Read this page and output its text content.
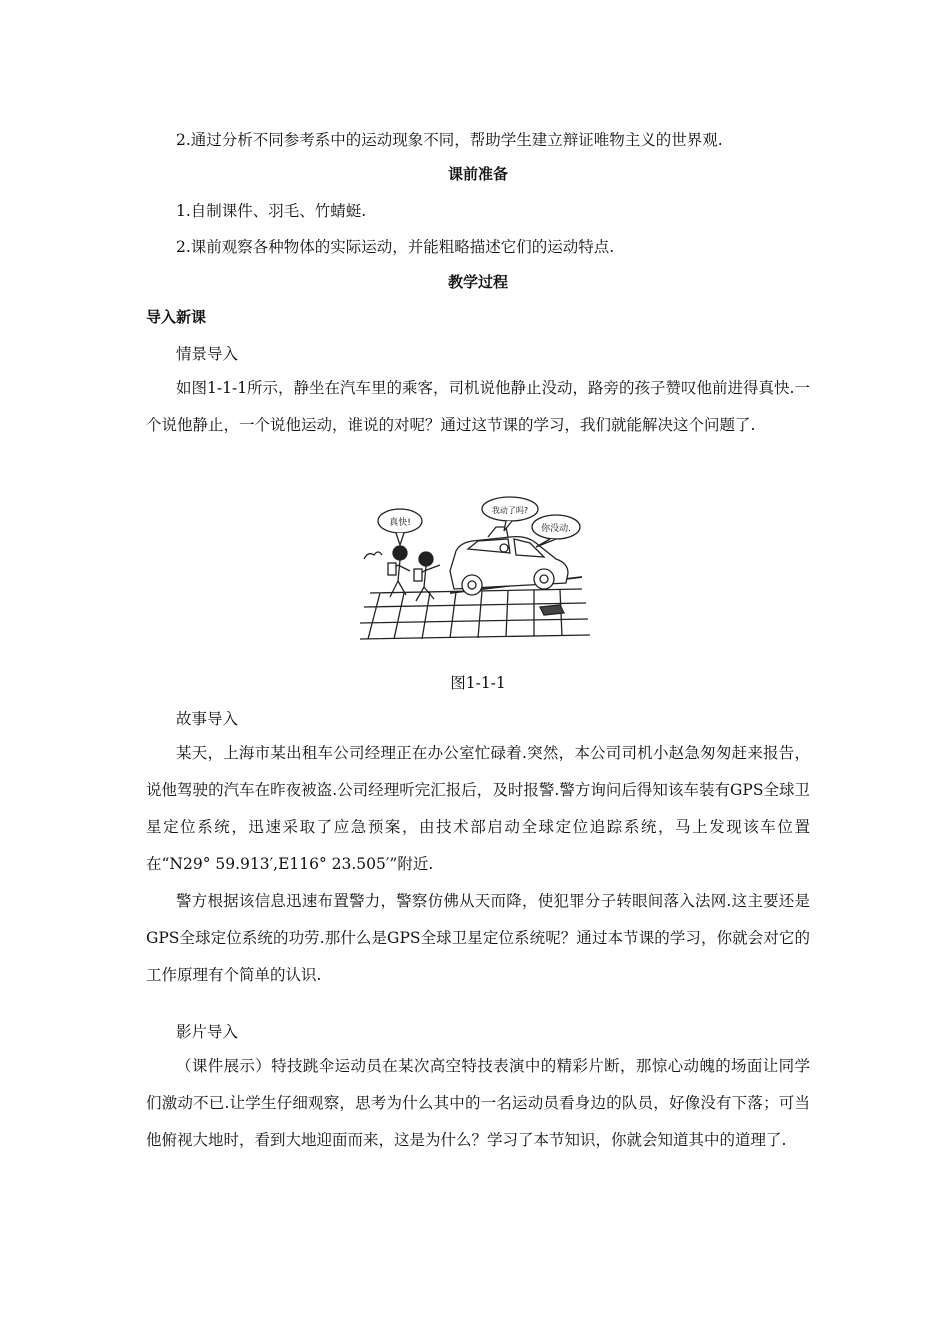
2.通过分析不同参考系中的运动现象不同，帮助学生建立辩证唯物主义的世界观.
课前准备
1.自制课件、羽毛、竹蜻蜓.
2.课前观察各种物体的实际运动，并能粗略描述它们的运动特点.
教学过程
导入新课
情景导入
如图1-1-1所示，静坐在汽车里的乘客，司机说他静止没动，路旁的孩子赞叹他前进得真快.一个说他静止，一个说他运动，谁说的对呢？通过这节课的学习，我们就能解决这个问题了.
真快!
我动了吗?
你没动.
图1-1-1
故事导入
某天，上海市某出租车公司经理正在办公室忙碌着.突然，本公司司机小赵急匆匆赶来报告，说他驾驶的汽车在昨夜被盗.公司经理听完汇报后，及时报警.警方询问后得知该车装有GPS全球卫星定位系统，迅速采取了应急预案，由技术部启动全球定位追踪系统，马上发现该车位置在“N29° 59.913′,E116° 23.505′”附近.
警方根据该信息迅速布置警力，警察仿佛从天而降，使犯罪分子转眼间落入法网.这主要还是GPS全球定位系统的功劳.那什么是GPS全球卫星定位系统呢？通过本节课的学习，你就会对它的工作原理有个简单的认识.
影片导入
（课件展示）特技跳伞运动员在某次高空特技表演中的精彩片断，那惊心动魄的场面让同学们激动不已.让学生仔细观察，思考为什么其中的一名运动员看身边的队员，好像没有下落；可当他俯视大地时，看到大地迎面而来，这是为什么？学习了本节知识，你就会知道其中的道理了.
